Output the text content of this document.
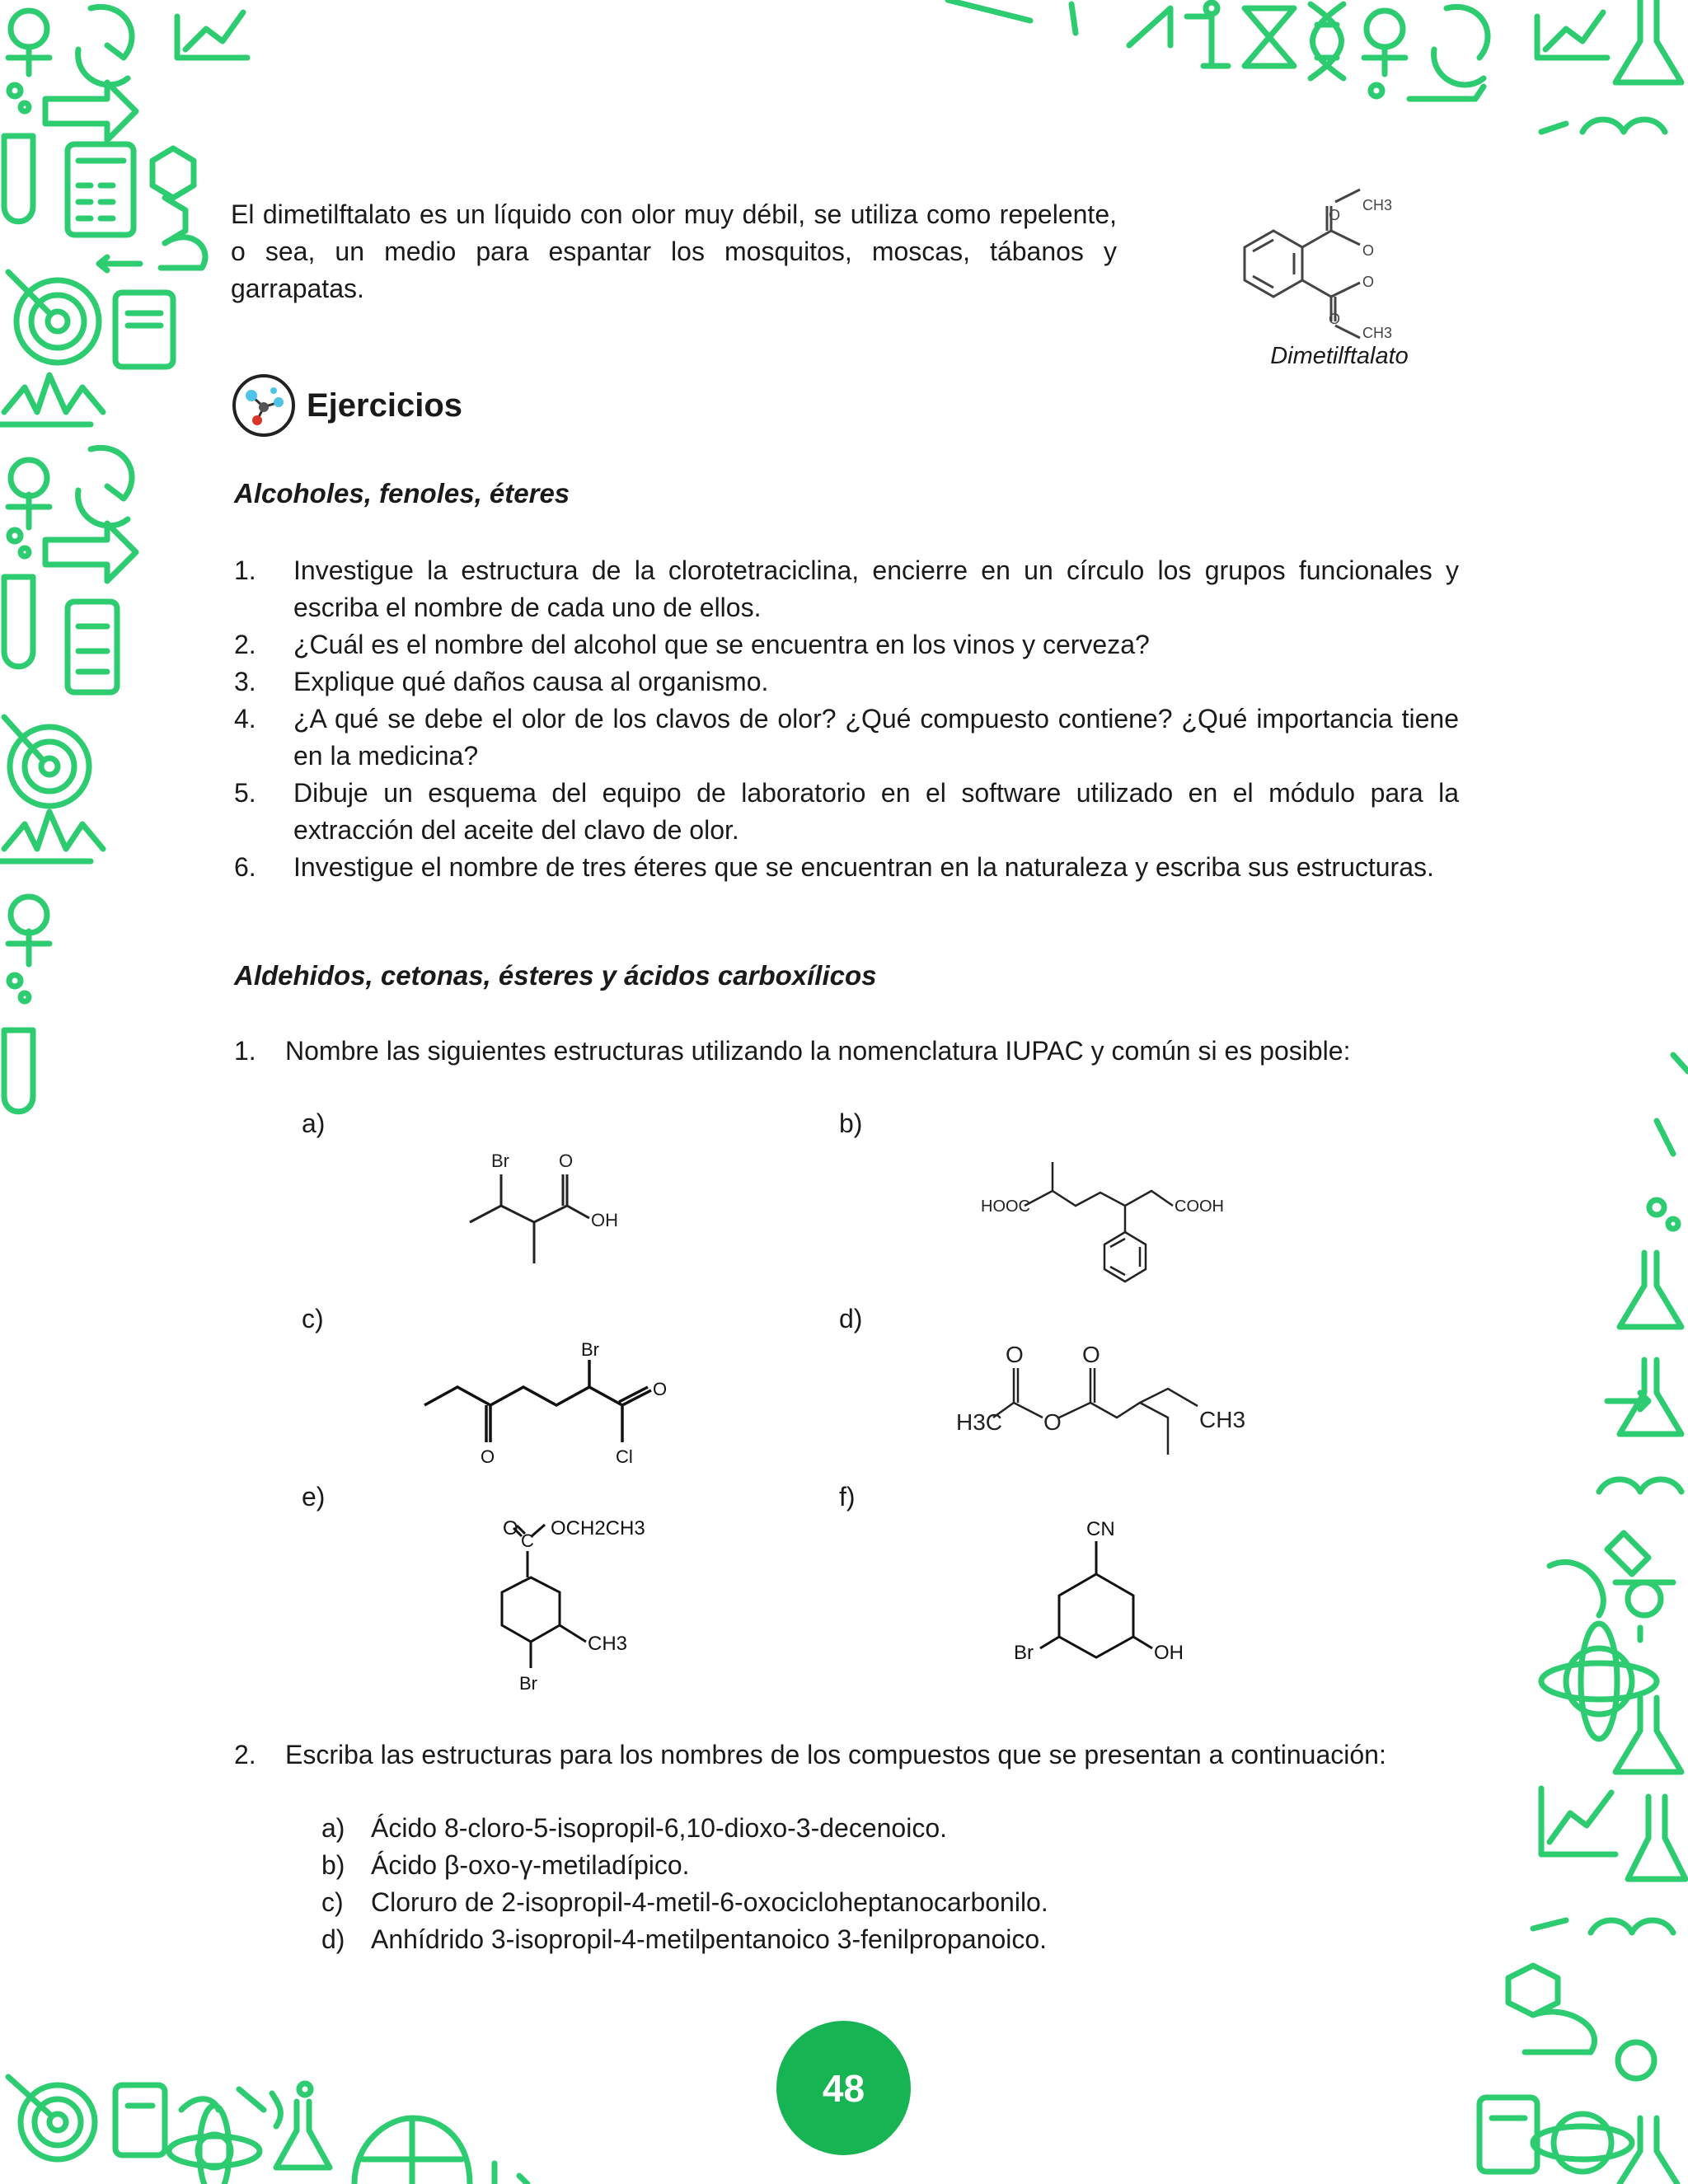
El dimetilftalato es un líquido con olor muy débil, se utiliza como repelente, o sea, un medio para espantar los mosquitos, moscas, tábanos y garrapatas.

O
CH3
O
O
O
CH3
Dimetilftalato
Ejercicios
Alcoholes, fenoles, éteres
1.	Investigue la estructura de la clorotetraciclina, encierre en un círculo los grupos funcionales y escriba el nombre de cada uno de ellos.
2.	¿Cuál es el nombre del alcohol que se encuentra en los vinos y cerveza?
3.	Explique qué daños causa al organismo.
4.	¿A qué se debe el olor de los clavos de olor? ¿Qué compuesto contiene? ¿Qué importancia tiene en la medicina?
5.	Dibuje un esquema del equipo de laboratorio en el software utilizado en el módulo para la extracción del aceite del clavo de olor.
6.	Investigue el nombre de tres éteres que se encuentran en la naturaleza y escriba sus estructuras.
Aldehidos, cetonas, ésteres y ácidos carboxílicos
1.	Nombre las siguientes estructuras utilizando la nomenclatura IUPAC y común si es posible:
a)	b)
c)	d)
e)	f)
Br	O
OH
HOOC	COOH
Br
O
O	Cl
H3C
O	O
O	CH3
O
C
OCH2CH3
CH3
Br
CN
Br	OH
2.	Escriba las estructuras para los nombres de los compuestos que se presentan a continuación:
a) Ácido 8-cloro-5-isopropil-6,10-dioxo-3-decenoico.
b) Ácido β-oxo-γ-metiladípico.
c)	Cloruro de 2-isopropil-4-metil-6-oxocicloheptanocarbonilo.
d) Anhídrido 3-isopropil-4-metilpentanoico 3-fenilpropanoico.
48
